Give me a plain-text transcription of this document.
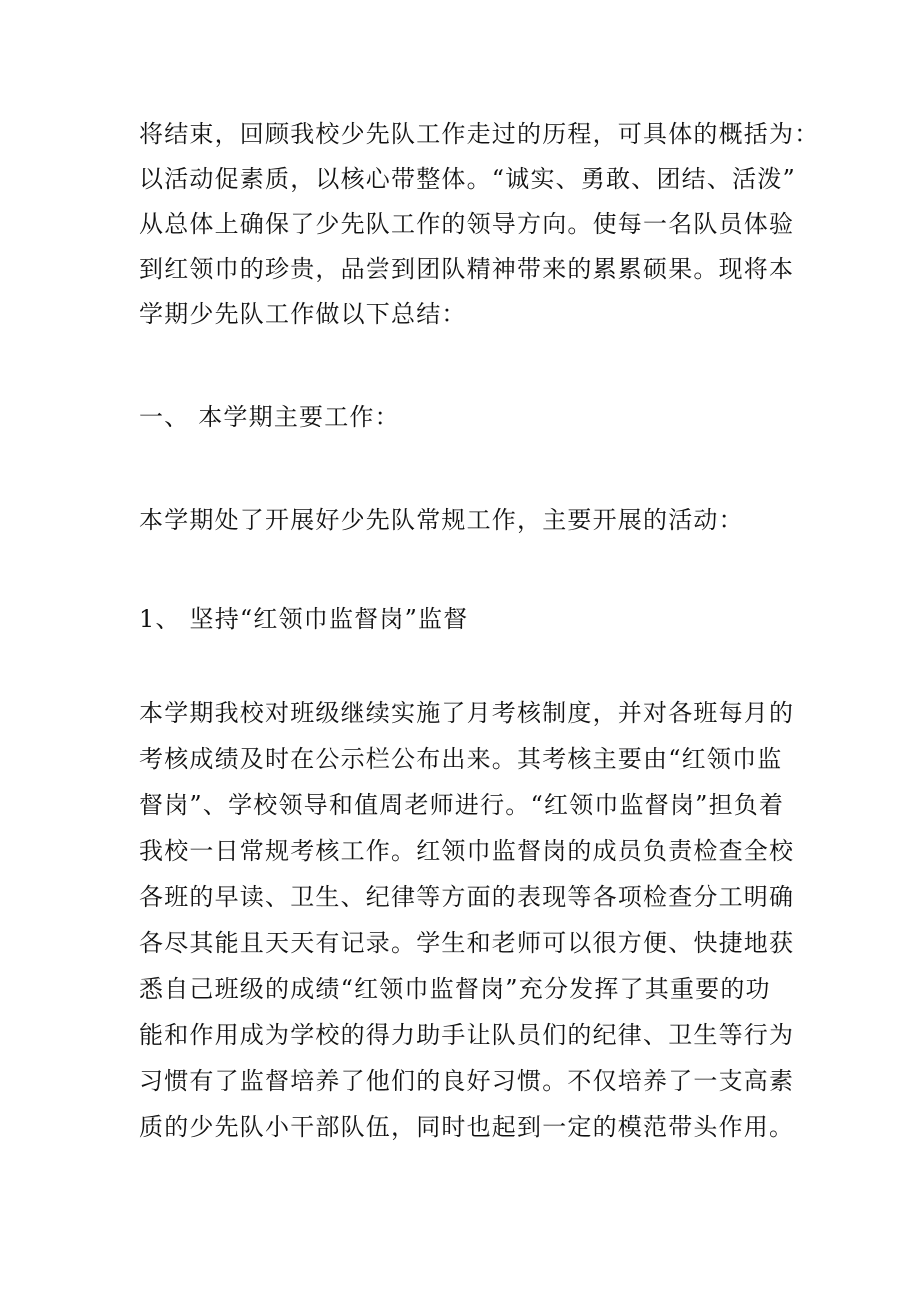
将结束，回顾我校少先队工作走过的历程，可具体的概括为：
以活动促素质，以核心带整体。“诚实、勇敢、团结、活泼”
从总体上确保了少先队工作的领导方向。使每一名队员体验
到红领巾的珍贵，品尝到团队精神带来的累累硕果。现将本
学期少先队工作做以下总结：
一、 本学期主要工作：
本学期处了开展好少先队常规工作，主要开展的活动：
1、 坚持“红领巾监督岗”监督
本学期我校对班级继续实施了月考核制度，并对各班每月的
考核成绩及时在公示栏公布出来。其考核主要由“红领巾监
督岗”、学校领导和值周老师进行。“红领巾监督岗”担负着
我校一日常规考核工作。红领巾监督岗的成员负责检查全校
各班的早读、卫生、纪律等方面的表现等各项检查分工明确
各尽其能且天天有记录。学生和老师可以很方便、快捷地获
悉自己班级的成绩“红领巾监督岗”充分发挥了其重要的功
能和作用成为学校的得力助手让队员们的纪律、卫生等行为
习惯有了监督培养了他们的良好习惯。不仅培养了一支高素
质的少先队小干部队伍，同时也起到一定的模范带头作用。
